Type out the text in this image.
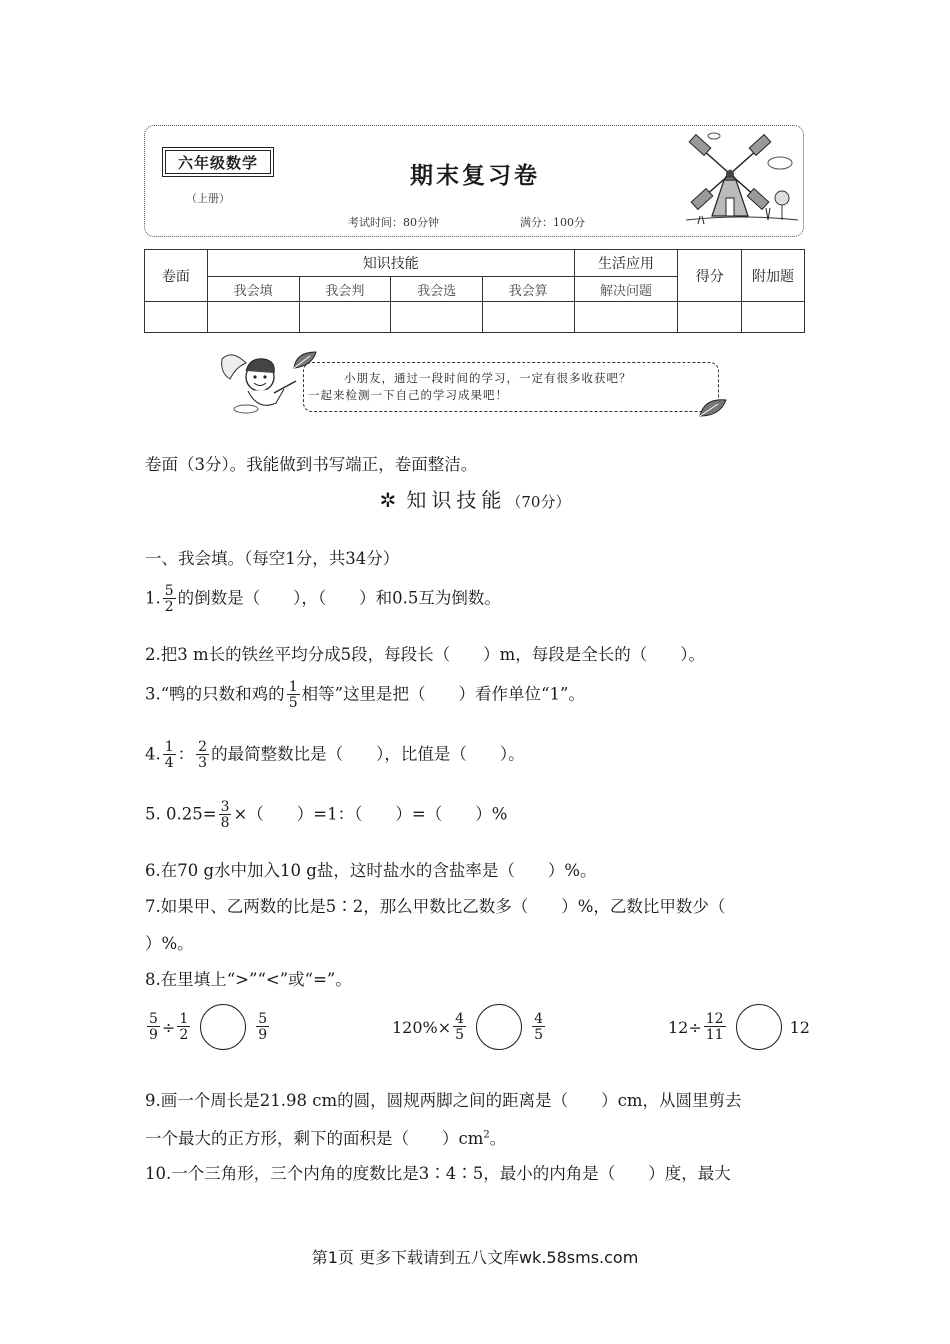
六年级数学
（上册）
期末复习卷
考试时间：80分钟	满分：100分
卷面	知识技能				生活应用	得分	附加题
	我会填	我会判	我会选	我会算	解决问题		

小朋友，通过一段时间的学习，一定有很多收获吧？
一起来检测一下自己的学习成果吧！
卷面（3分）。我能做到书写端正，卷面整洁。
✲ 知识技能（70分）
一、我会填。（每空1分，共34分）
1. $\frac{5}{2}$ 的倒数是（　　），（　　）和0.5互为倒数。
2.把3 m长的铁丝平均分成5段，每段长（　　）m，每段是全长的（　　）。
3.“鸭的只数和鸡的 $\frac{1}{5}$ 相等”这里是把（　　）看作单位“1”。
4. $\frac{1}{4}$ ： $\frac{2}{3}$ 的最简整数比是（　　），比值是（　　）。
5. $0.25= \frac{3}{8}$ ×（　　）=1：（　　）=（　　）%
6.在70 g水中加入10 g盐，这时盐水的含盐率是（　　）%。
7.如果甲、乙两数的比是5∶2，那么甲数比乙数多（　　）%，乙数比甲数少（
）%。
8.在里填上“>”“<”或“=”。
$\frac{5}{9} \div \frac{1}{2}$	$\frac{5}{9}$	$120\% \times \frac{4}{5}$	$\frac{4}{5}$	$12 \div \frac{12}{11}$	12
9.画一个周长是21.98 cm的圆，圆规两脚之间的距离是（　　）cm，从圆里剪去
一个最大的正方形，剩下的面积是（　　）$cm^2$。
10.一个三角形，三个内角的度数比是3∶4∶5，最小的内角是（　　）度，最大
第1页 更多下载请到五八文库wk.58sms.com
